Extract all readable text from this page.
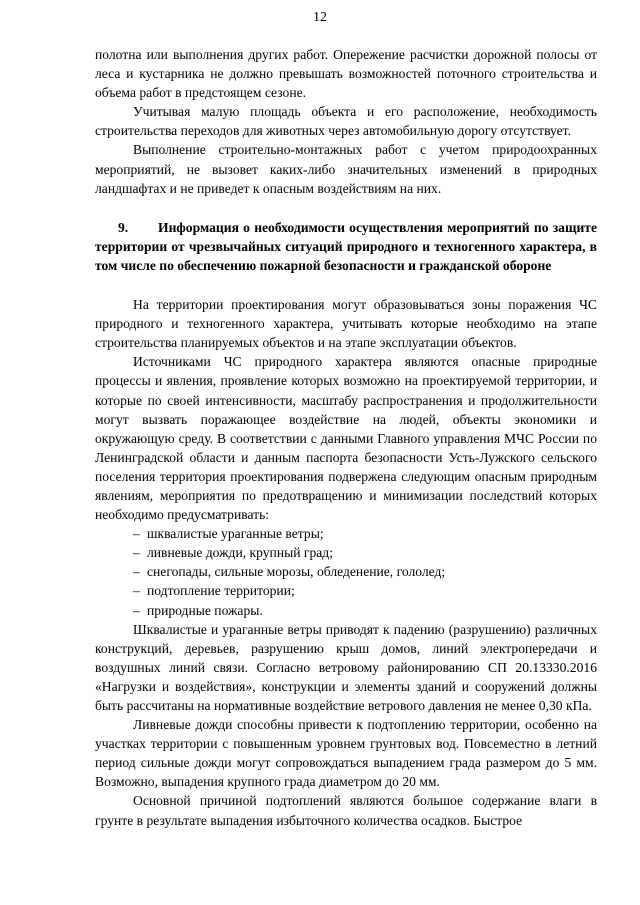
12

полотна или выполнения других работ. Опережение расчистки дорожной полосы от леса и кустарника не должно превышать возможностей поточного строительства и объема работ в предстоящем сезоне.

Учитывая малую площадь объекта и его расположение, необходимость строительства переходов для животных через автомобильную дорогу отсутствует.

Выполнение строительно-монтажных работ с учетом природоохранных мероприятий, не вызовет каких-либо значительных изменений в природных ландшафтах и не приведет к опасным воздействиям на них.

9. Информация о необходимости осуществления мероприятий по защите территории от чрезвычайных ситуаций природного и техногенного характера, в том числе по обеспечению пожарной безопасности и гражданской обороне

На территории проектирования могут образовываться зоны поражения ЧС природного и техногенного характера, учитывать которые необходимо на этапе строительства планируемых объектов и на этапе эксплуатации объектов.

Источниками ЧС природного характера являются опасные природные процессы и явления, проявление которых возможно на проектируемой территории, и которые по своей интенсивности, масштабу распространения и продолжительности могут вызвать поражающее воздействие на людей, объекты экономики и окружающую среду. В соответствии с данными Главного управления МЧС России по Ленинградской области и данным паспорта безопасности Усть-Лужского сельского поселения территория проектирования подвержена следующим опасным природным явлениям, мероприятия по предотвращению и минимизации последствий которых необходимо предусматривать:

– шквалистые ураганные ветры;
– ливневые дожди, крупный град;
– снегопады, сильные морозы, обледенение, гололед;
– подтопление территории;
– природные пожары.

Шквалистые и ураганные ветры приводят к падению (разрушению) различных конструкций, деревьев, разрушению крыш домов, линий электропередачи и воздушных линий связи. Согласно ветровому районированию СП 20.13330.2016 «Нагрузки и воздействия», конструкции и элементы зданий и сооружений должны быть рассчитаны на нормативные воздействие ветрового давления не менее 0,30 кПа.

Ливневые дожди способны привести к подтоплению территории, особенно на участках территории с повышенным уровнем грунтовых вод. Повсеместно в летний период сильные дожди могут сопровождаться выпадением града размером до 5 мм. Возможно, выпадения крупного града диаметром до 20 мм.

Основной причиной подтоплений являются большое содержание влаги в грунте в результате выпадения избыточного количества осадков. Быстрое
